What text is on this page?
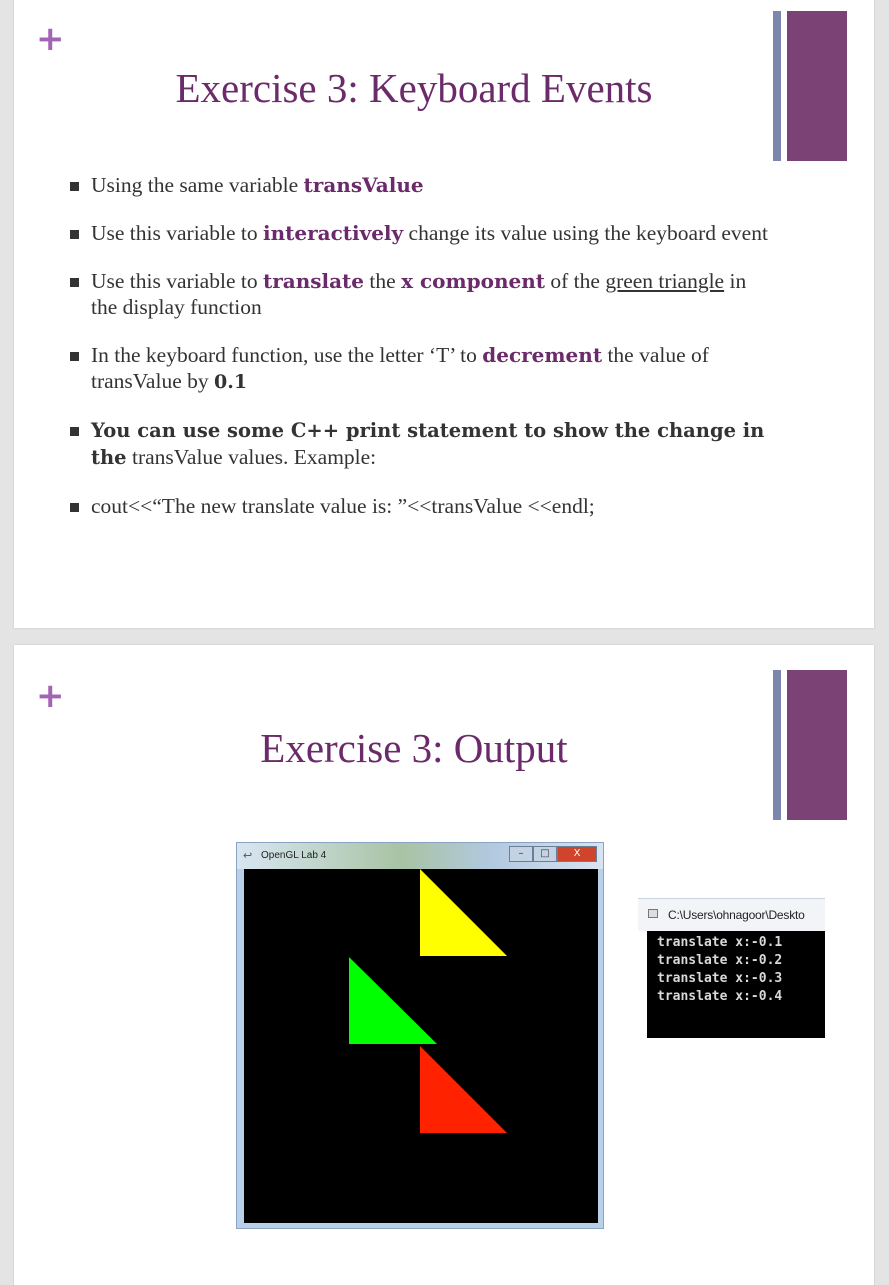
+
Exercise 3: Keyboard Events
Using the same variable transValue
Use this variable to interactively change its value using the keyboard event
Use this variable to translate the x component of the green triangle in the display function
In the keyboard function, use the letter ‘T’ to decrement the value of transValue by 0.1
You can use some C++ print statement to show the change in the transValue values. Example:
cout<<“The new translate value is: ”<<transValue <<endl;
+
Exercise 3: Output
↩ OpenGL Lab 4	–	□	X
C:\Users\ohnagoor\Deskto
translate x:-0.1
translate x:-0.2
translate x:-0.3
translate x:-0.4
